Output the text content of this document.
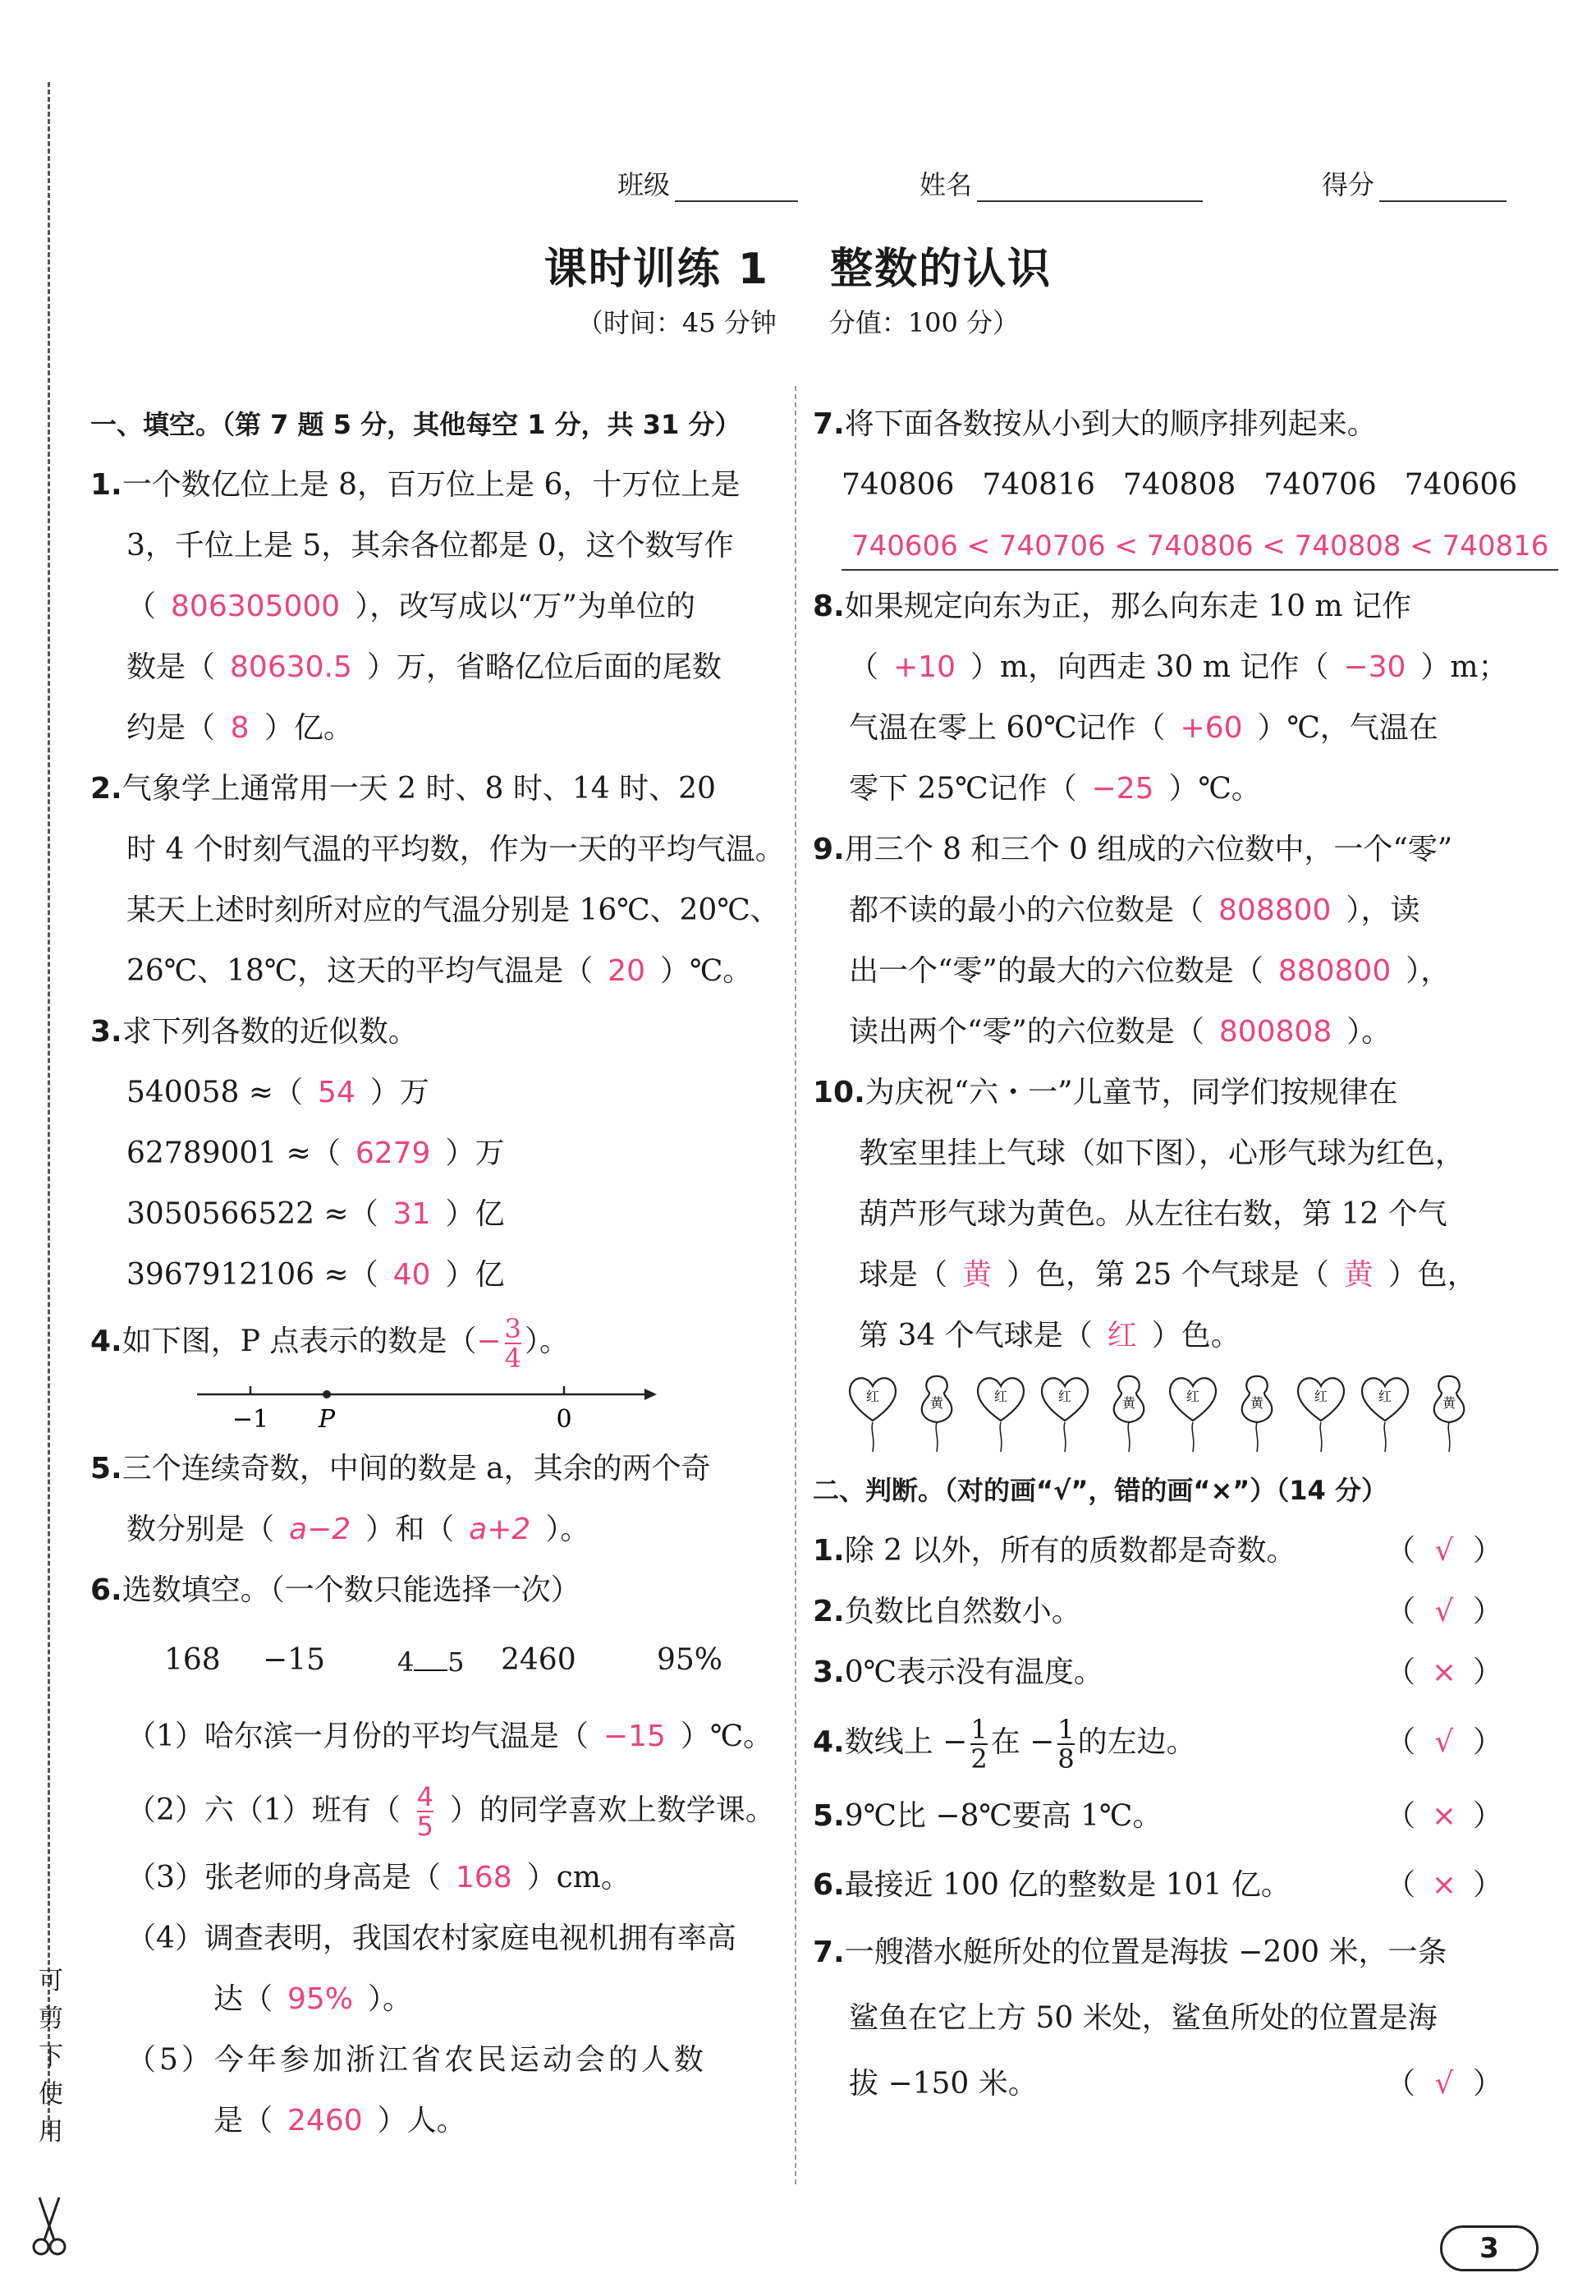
可
剪
下
使
用
班级	姓名	得分
课时训练 1　 整数的认识
（时间：45 分钟　　分值：100 分）
一、填空。（第 7 题 5 分，其他每空 1 分，共 31 分）
1.一个数亿位上是 8，百万位上是 6，十万位上是
3，千位上是 5，其余各位都是 0，这个数写作
（ 806305000 ），改写成以“万”为单位的
数是（ 80630.5 ）万，省略亿位后面的尾数
约是（ 8 ）亿。
2.气象学上通常用一天 2 时、8 时、14 时、20
时 4 个时刻气温的平均数，作为一天的平均气温。
某天上述时刻所对应的气温分别是 16℃、20℃、
26℃、18℃，这天的平均气温是（ 20 ）℃。
3.求下列各数的近似数。
540058 ≈（ 54 ）万
62789001 ≈（ 6279 ）万
3050566522 ≈（ 31 ）亿
3967912106 ≈（ 40 ）亿
4.如下图，P 点表示的数是（− $\frac{3}{4}$ ）。
−1 P	0
5.三个连续奇数，中间的数是 a，其余的两个奇
数分别是（ a−2 ）和（ a+2 ）。
6.选数填空。（一个数只能选择一次）
168 −15	4 5 2460	95%
（1）哈尔滨一月份的平均气温是（ −15 ）℃。
（2）六（1）班有（ $\frac{4}{5}$ ）的同学喜欢上数学课。
（3）张老师的身高是（ 168 ）cm。
（4）调查表明，我国农村家庭电视机拥有率高
达（ 95% ）。
（5）今年参加浙江省农民运动会的人数
是（ 2460 ）人。
7.将下面各数按从小到大的顺序排列起来。
740806 740816 740808 740706 740606
740606 < 740706 < 740806 < 740808 < 740816
8.如果规定向东为正，那么向东走 10 m 记作
（ +10 ）m，向西走 30 m 记作（ −30 ）m；
气温在零上 60℃记作（ +60 ）℃，气温在
零下 25℃记作（ −25 ）℃。
9.用三个 8 和三个 0 组成的六位数中，一个“零”
都不读的最小的六位数是（ 808800 ），读
出一个“零”的最大的六位数是（ 880800 ），
读出两个“零”的六位数是（ 800808 ）。
10.为庆祝“六・一”儿童节，同学们按规律在
教室里挂上气球（如下图），心形气球为红色，
葫芦形气球为黄色。从左往右数，第 12 个气
球是（ 黄 ）色，第 25 个气球是（ 黄 ）色，
第 34 个气球是（ 红 ）色。
红	黄	红	红	黄	红	黄	红	红	黄
二、判断。（对的画“√”，错的画“×”）（14 分）
1.除 2 以外，所有的质数都是奇数。	（ √ ）
2.负数比自然数小。	（ √ ）
3.0℃表示没有温度。	（ × ）
4.数线上 − $\frac{1}{2}$ 在 − $\frac{1}{8}$ 的左边。	（ √ ）
5.9℃比 −8℃要高 1℃。	（ × ）
6.最接近 100 亿的整数是 101 亿。	（ × ）
7.一艘潜水艇所处的位置是海拔 −200 米，一条
鲨鱼在它上方 50 米处，鲨鱼所处的位置是海
拔 −150 米。	（ √ ）
3
